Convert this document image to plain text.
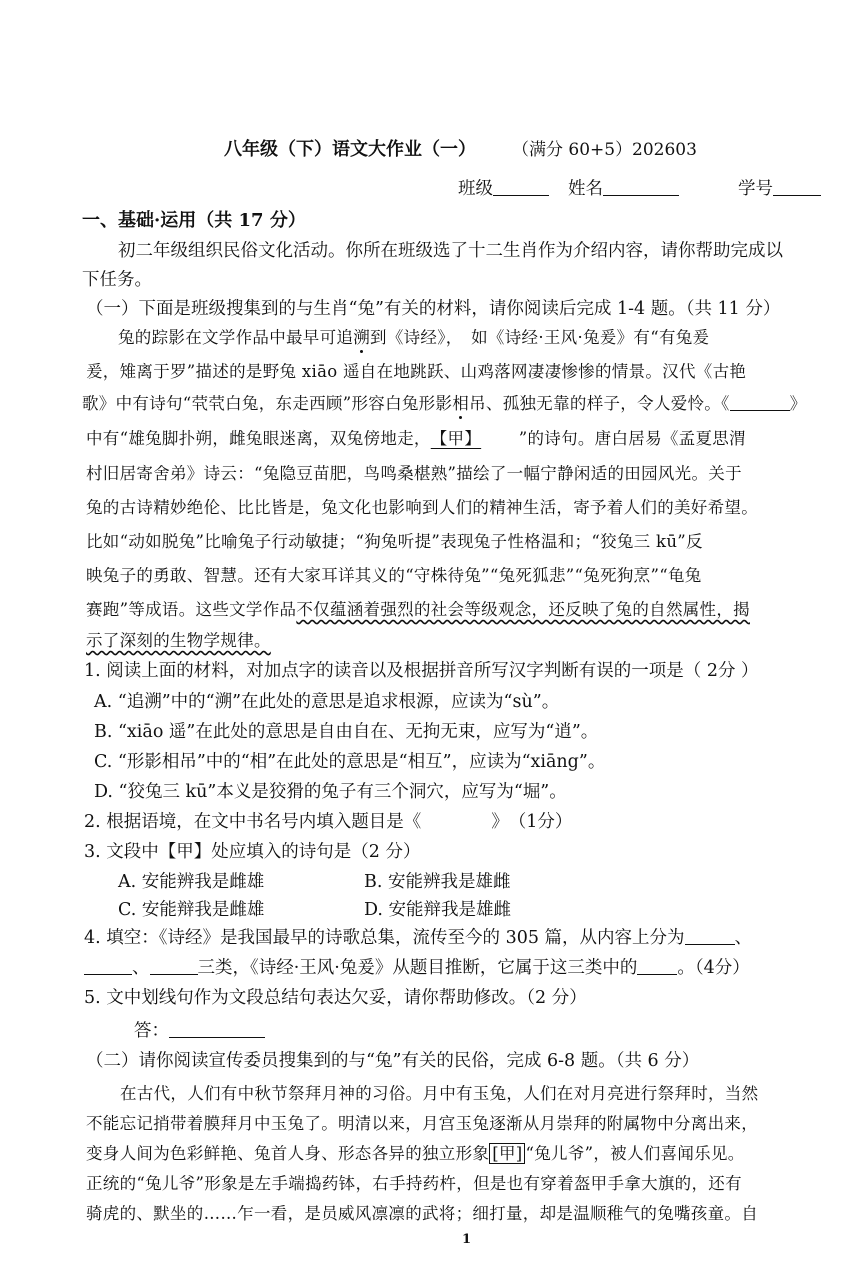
八年级（下）语文大作业（一） （满分 60+5） 202603
班级	姓名	学号
一、基础·运用（共 17 分）
初二年级组织民俗文化活动。你所在班级选了十二生肖作为介绍内容，请你帮助完成以
下任务。
（一）下面是班级搜集到的与生肖“兔”有关的材料，请你阅读后完成 1-4 题。（共 11 分）
兔的踪影在文学作品中最早可追溯到《诗经》，　如《诗经·王风·兔爰》有“有兔爰
爰，雉离于罗”描述的是野兔 xiāo 遥自在地跳跃、山鸡落网凄凄惨惨的情景。汉代《古艳
歌》中有诗句“茕茕白兔，东走西顾”形容白兔形影相吊、孤独无靠的样子，令人爱怜。《	》
中有“雄兔脚扑朔，雌兔眼迷离，双兔傍地走，【甲】 ”的诗句。唐白居易《孟夏思渭
村旧居寄舍弟》诗云：“兔隐豆苗肥，鸟鸣桑椹熟”描绘了一幅宁静闲适的田园风光。关于
兔的古诗精妙绝伦、比比皆是，兔文化也影响到人们的精神生活，寄予着人们的美好希望。
比如“动如脱兔”比喻兔子行动敏捷；“狗兔听提”表现兔子性格温和；“狡兔三 kū”反
映兔子的勇敢、智慧。还有大家耳详其义的“守株待兔”“兔死狐悲”“兔死狗烹”“龟兔
赛跑”等成语。这些文学作品不仅蕴涵着强烈的社会等级观念，还反映了兔的自然属性，揭
示了深刻的生物学规律。
1. 阅读上面的材料，对加点字的读音以及根据拼音所写汉字判断有误的一项是（ 2分 ）
A. “追溯”中的“溯”在此处的意思是追求根源，应读为“sù”。
B. “xiāo 遥”在此处的意思是自由自在、无拘无束，应写为“逍”。
C. “形影相吊”中的“相”在此处的意思是“相互”，应读为“xiāng”。
D. “狡兔三 kū”本义是狡猾的兔子有三个洞穴，应写为“堀”。
2. 根据语境，在文中书名号内填入题目是《　　　　》　（1分）
3. 文段中【甲】处应填入的诗句是（2 分）
A. 安能辨我是雌雄	B. 安能辨我是雄雌
C. 安能辩我是雌雄	D. 安能辩我是雄雌
4. 填空：《诗经》是我国最早的诗歌总集，流传至今的 305 篇，从内容上分为	、
、	三类，《诗经·王风·兔爰》从题目推断，它属于这三类中的 。（4分）
5. 文中划线句作为文段总结句表达欠妥，请你帮助修改。（2 分）
答：
（二）请你阅读宣传委员搜集到的与“兔”有关的民俗，完成 6-8 题。（共 6 分）
在古代，人们有中秋节祭拜月神的习俗。月中有玉兔，人们在对月亮进行祭拜时，当然
不能忘记捎带着膜拜月中玉兔了。明清以来，月宫玉兔逐渐从月崇拜的附属物中分离出来，
变身人间为色彩鲜艳、兔首人身、形态各异的独立形象 [甲] “兔儿爷”，被人们喜闻乐见。
正统的“兔儿爷”形象是左手端捣药钵，右手持药杵，但是也有穿着盔甲手拿大旗的，还有
骑虎的、默坐的……乍一看，是员威风凛凛的武将；细打量，却是温顺稚气的兔嘴孩童。自
1
